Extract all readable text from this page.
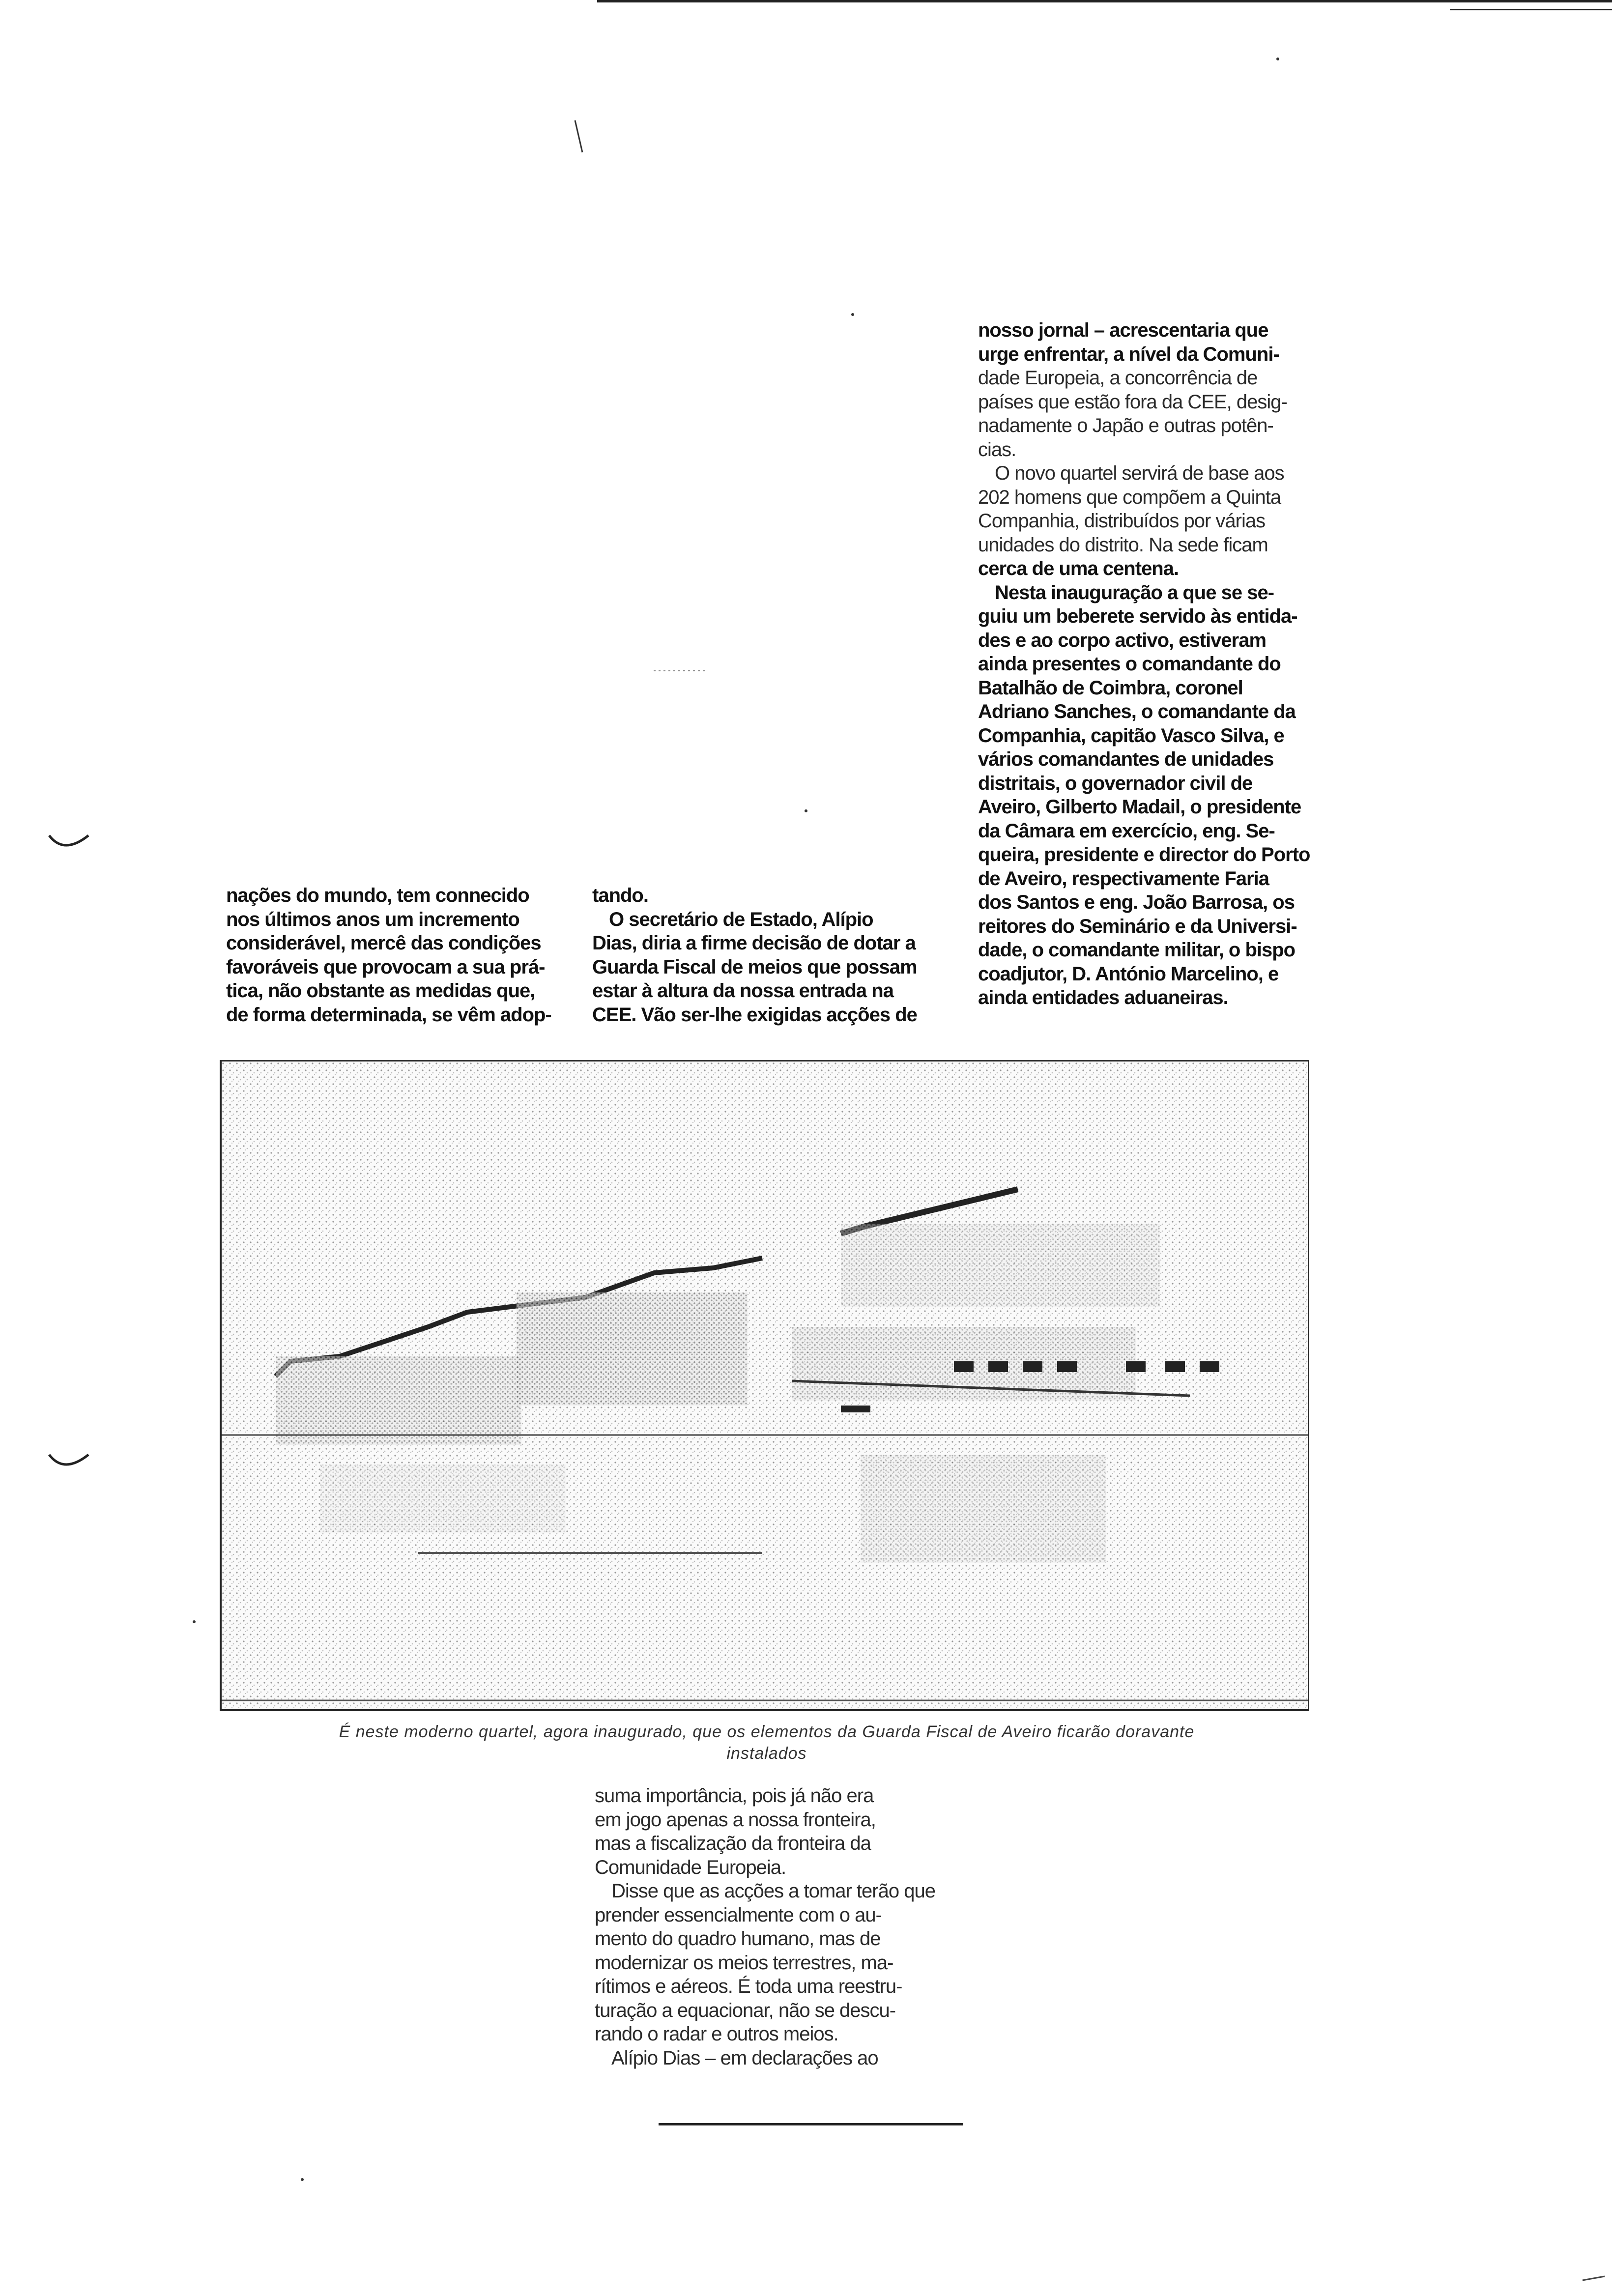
nações do mundo, tem connecido
nos últimos anos um incremento
considerável, mercê das condições
favoráveis que provocam a sua prá-
tica, não obstante as medidas que,
de forma determinada, se vêm adop-
tando.
O secretário de Estado, Alípio
Dias, diria a firme decisão de dotar a
Guarda Fiscal de meios que possam
estar à altura da nossa entrada na
CEE. Vão ser-lhe exigidas acções de
nosso jornal – acrescentaria que
urge enfrentar, a nível da Comuni-
dade Europeia, a concorrência de
países que estão fora da CEE, desig-
nadamente o Japão e outras potên-
cias.
O novo quartel servirá de base aos
202 homens que compõem a Quinta
Companhia, distribuídos por várias
unidades do distrito. Na sede ficam
cerca de uma centena.
Nesta inauguração a que se se-
guiu um beberete servido às entida-
des e ao corpo activo, estiveram
ainda presentes o comandante do
Batalhão de Coimbra, coronel
Adriano Sanches, o comandante da
Companhia, capitão Vasco Silva, e
vários comandantes de unidades
distritais, o governador civil de
Aveiro, Gilberto Madail, o presidente
da Câmara em exercício, eng. Se-
queira, presidente e director do Porto
de Aveiro, respectivamente Faria
dos Santos e eng. João Barrosa, os
reitores do Seminário e da Universi-
dade, o comandante militar, o bispo
coadjutor, D. António Marcelino, e
ainda entidades aduaneiras.
É neste moderno quartel, agora inaugurado, que os elementos da Guarda Fiscal de Aveiro ficarão doravante
instalados
suma importância, pois já não era
em jogo apenas a nossa fronteira,
mas a fiscalização da fronteira da
Comunidade Europeia.
Disse que as acções a tomar terão que
prender essencialmente com o au-
mento do quadro humano, mas de
modernizar os meios terrestres, ma-
rítimos e aéreos. É toda uma reestru-
turação a equacionar, não se descu-
rando o radar e outros meios.
Alípio Dias – em declarações ao
